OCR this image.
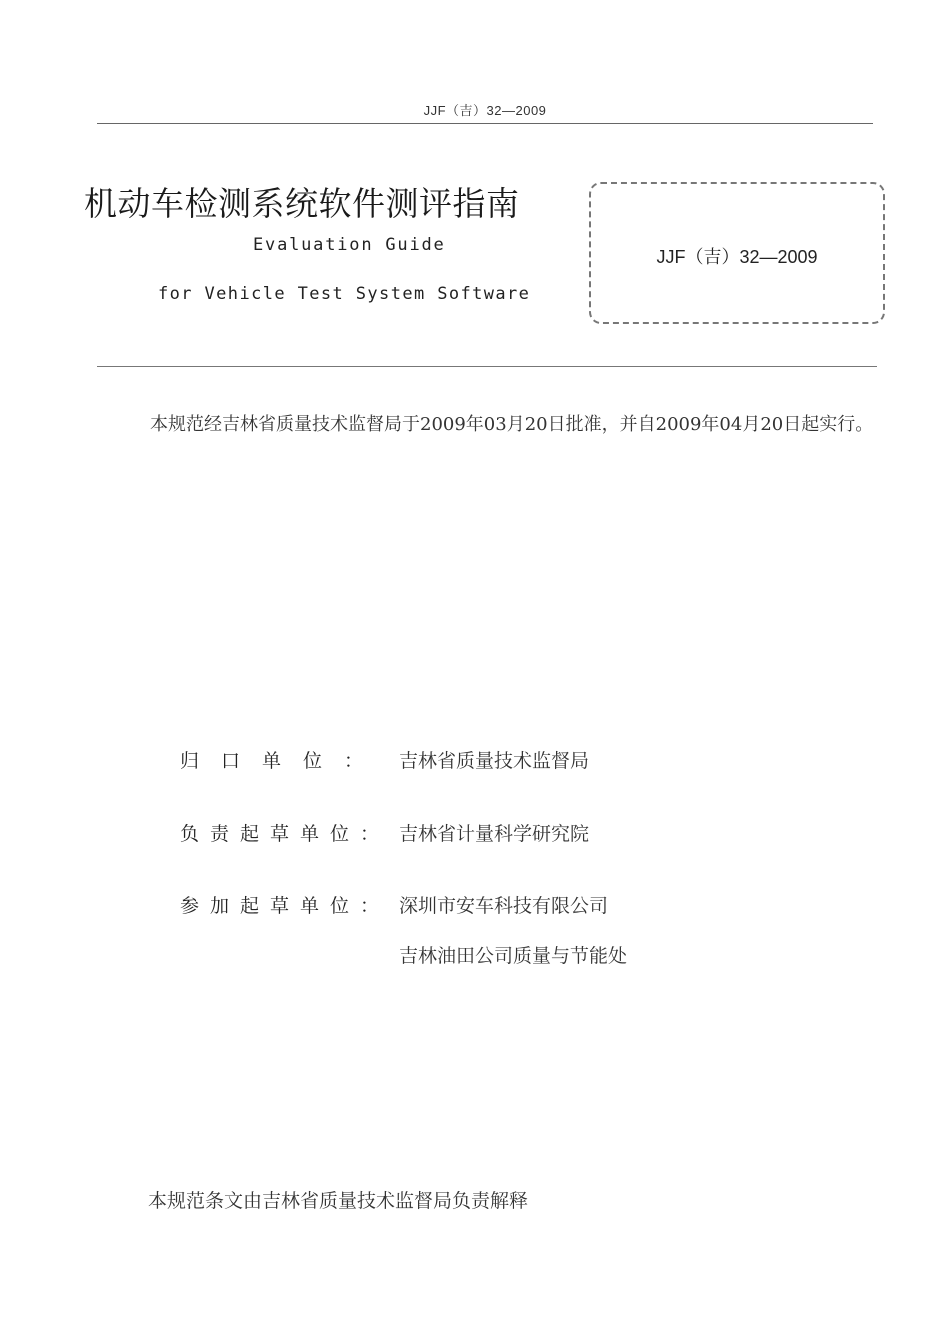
JJF（吉）32—2009
机动车检测系统软件测评指南
Evaluation Guide
for Vehicle Test System Software
JJF（吉）32—2009
本规范经吉林省质量技术监督局于2009年03月20日批准，并自2009年04月20日起实行。
归口单位： 吉林省质量技术监督局
负责起草单位： 吉林省计量科学研究院
参加起草单位： 深圳市安车科技有限公司
吉林油田公司质量与节能处
本规范条文由吉林省质量技术监督局负责解释
